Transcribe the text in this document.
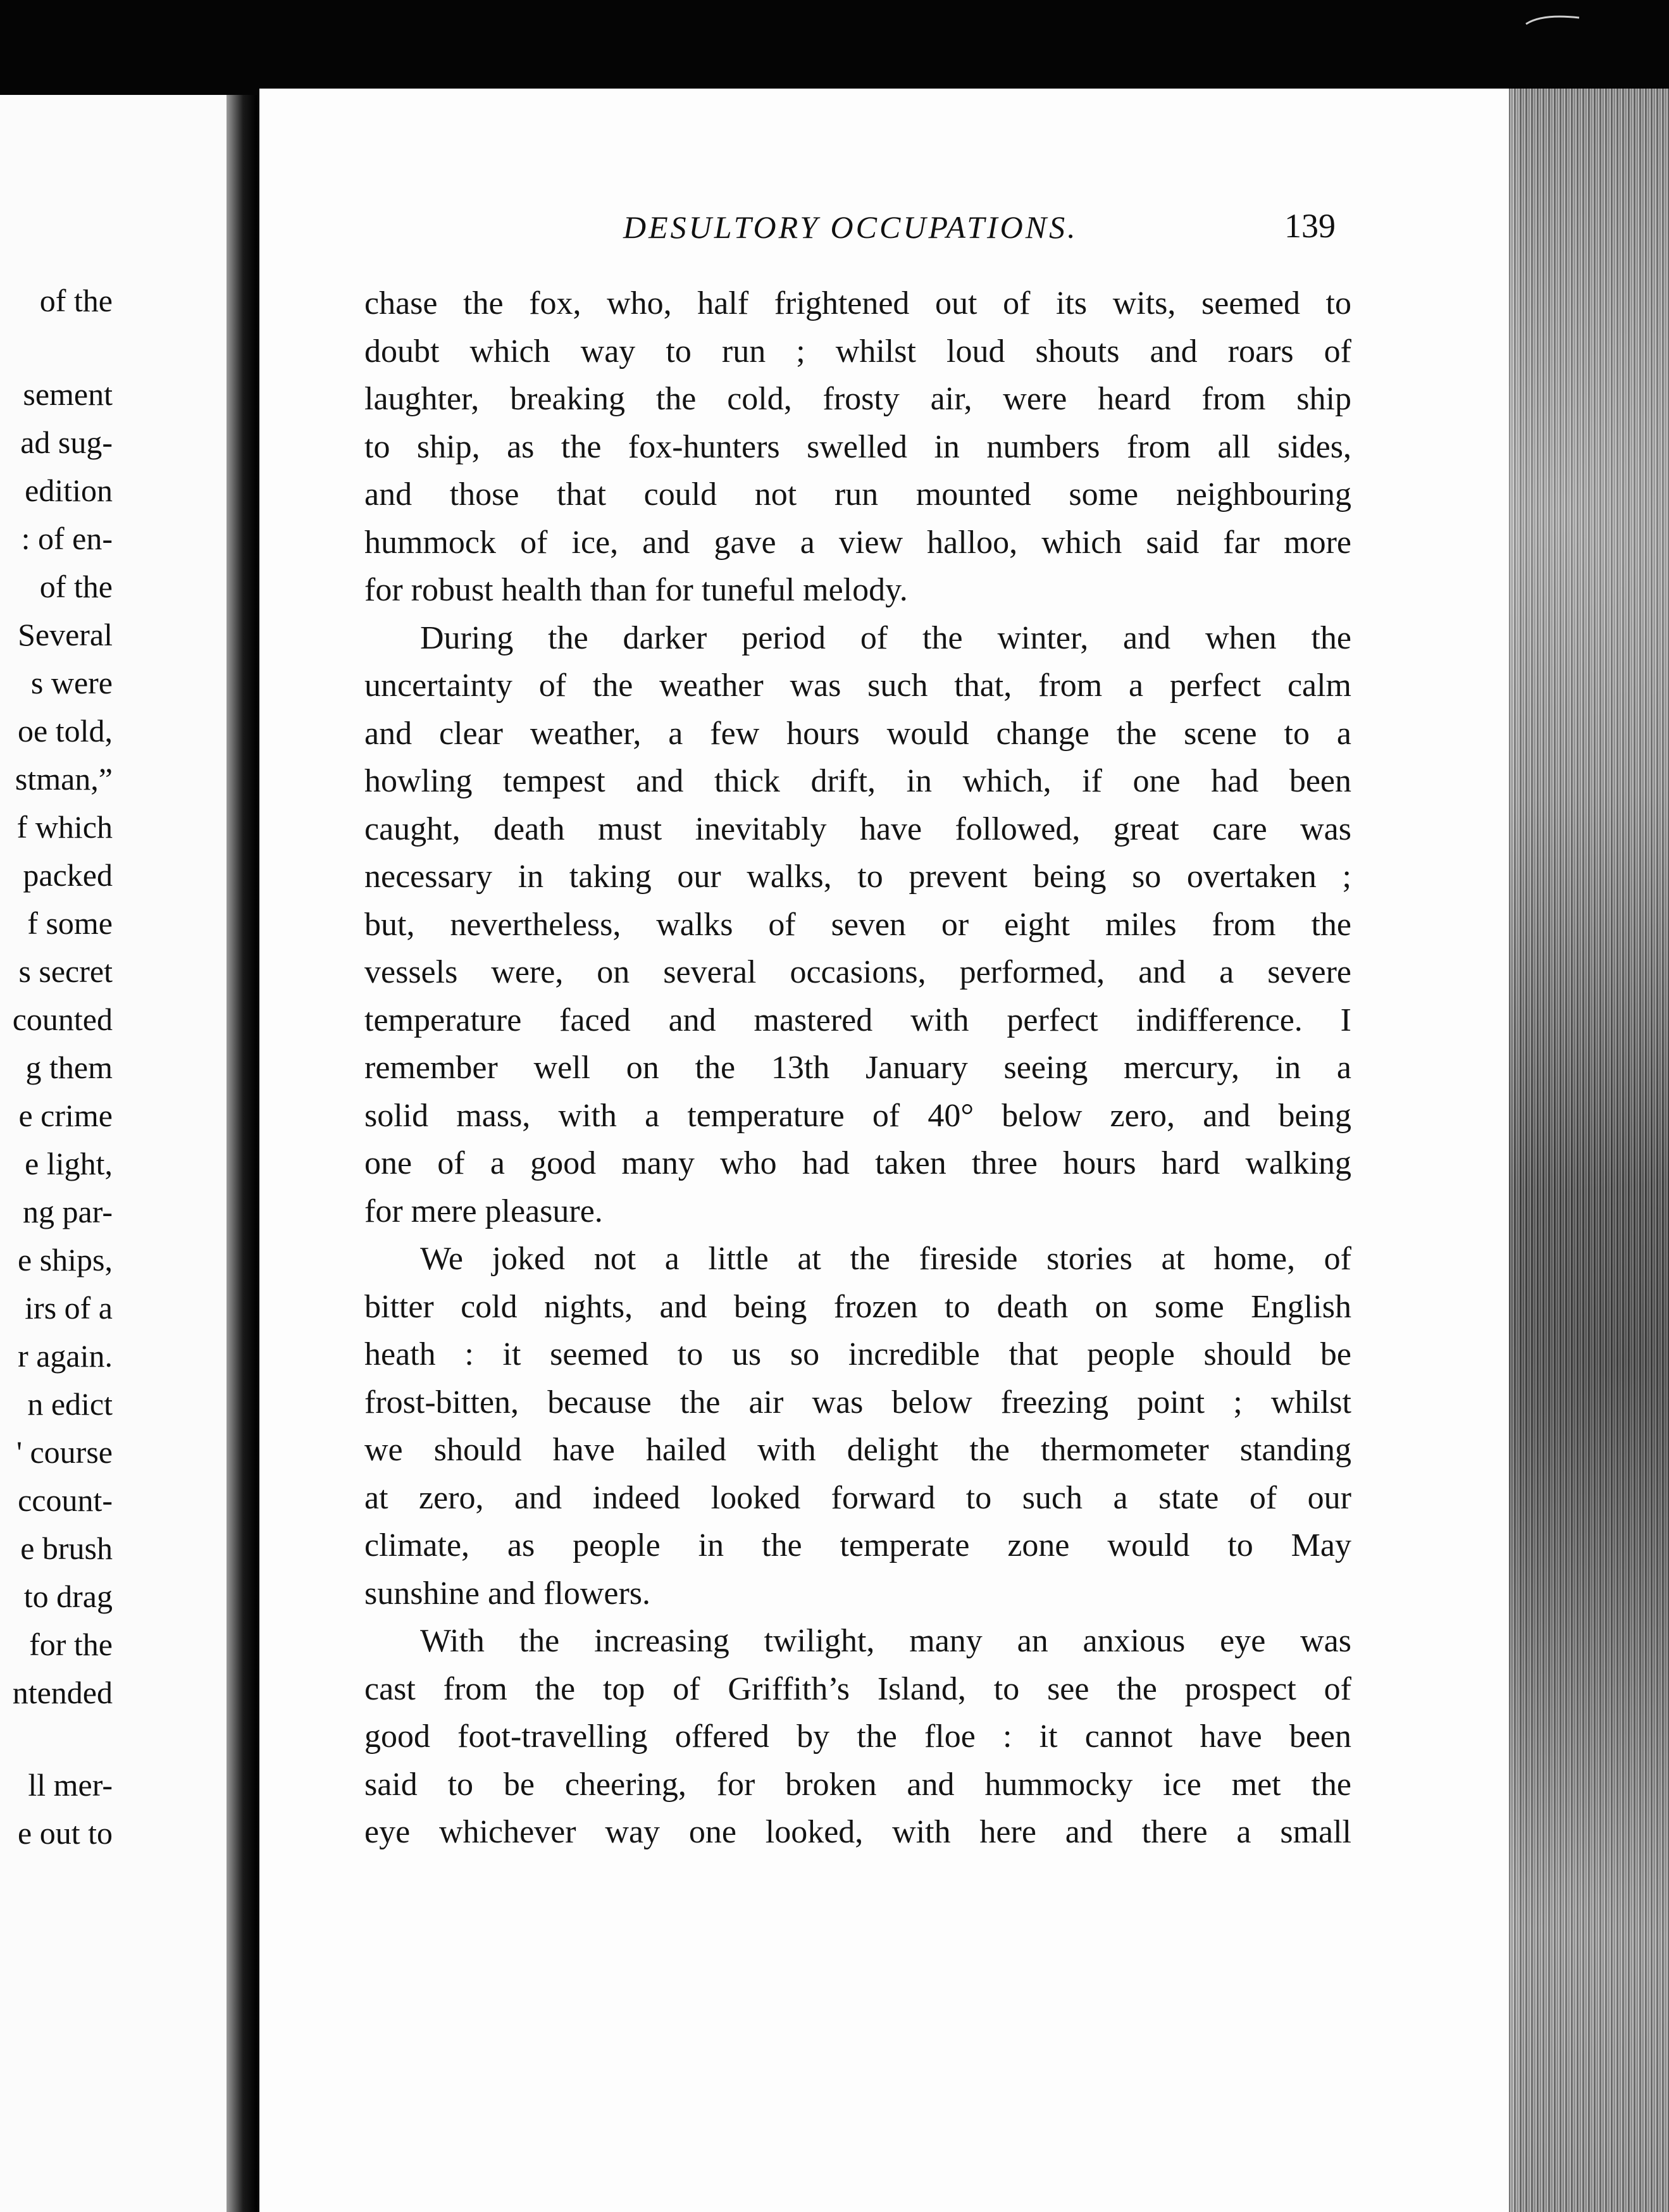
of the
sement
ad sug-
edition
: of en-
of the
Several
s were
oe told,
stman,”
f which
packed
f some
s secret
counted
g them
e crime
e light,
ng par-
e ships,
irs of a
r again.
n edict
' course
ccount-
e brush
to drag
for the
ntended
ll mer-
e out to
DESULTORY OCCUPATIONS.	139
chase the fox, who, half frightened out of its wits, seemed to
doubt which way to run ; whilst loud shouts and roars of
laughter, breaking the cold, frosty air, were heard from ship
to ship, as the fox-hunters swelled in numbers from all sides,
and those that could not run mounted some neighbouring
hummock of ice, and gave a view halloo, which said far more
for robust health than for tuneful melody.
During the darker period of the winter, and when the
uncertainty of the weather was such that, from a perfect calm
and clear weather, a few hours would change the scene to a
howling tempest and thick drift, in which, if one had been
caught, death must inevitably have followed, great care was
necessary in taking our walks, to prevent being so overtaken ;
but, nevertheless, walks of seven or eight miles from the
vessels were, on several occasions, performed, and a severe
temperature faced and mastered with perfect indifference. I
remember well on the 13th January seeing mercury, in a
solid mass, with a temperature of 40° below zero, and being
one of a good many who had taken three hours hard walking
for mere pleasure.
We joked not a little at the fireside stories at home, of
bitter cold nights, and being frozen to death on some English
heath : it seemed to us so incredible that people should be
frost-bitten, because the air was below freezing point ; whilst
we should have hailed with delight the thermometer standing
at zero, and indeed looked forward to such a state of our
climate, as people in the temperate zone would to May
sunshine and flowers.
With the increasing twilight, many an anxious eye was
cast from the top of Griffith’s Island, to see the prospect of
good foot-travelling offered by the floe : it cannot have been
said to be cheering, for broken and hummocky ice met the
eye whichever way one looked, with here and there a small
